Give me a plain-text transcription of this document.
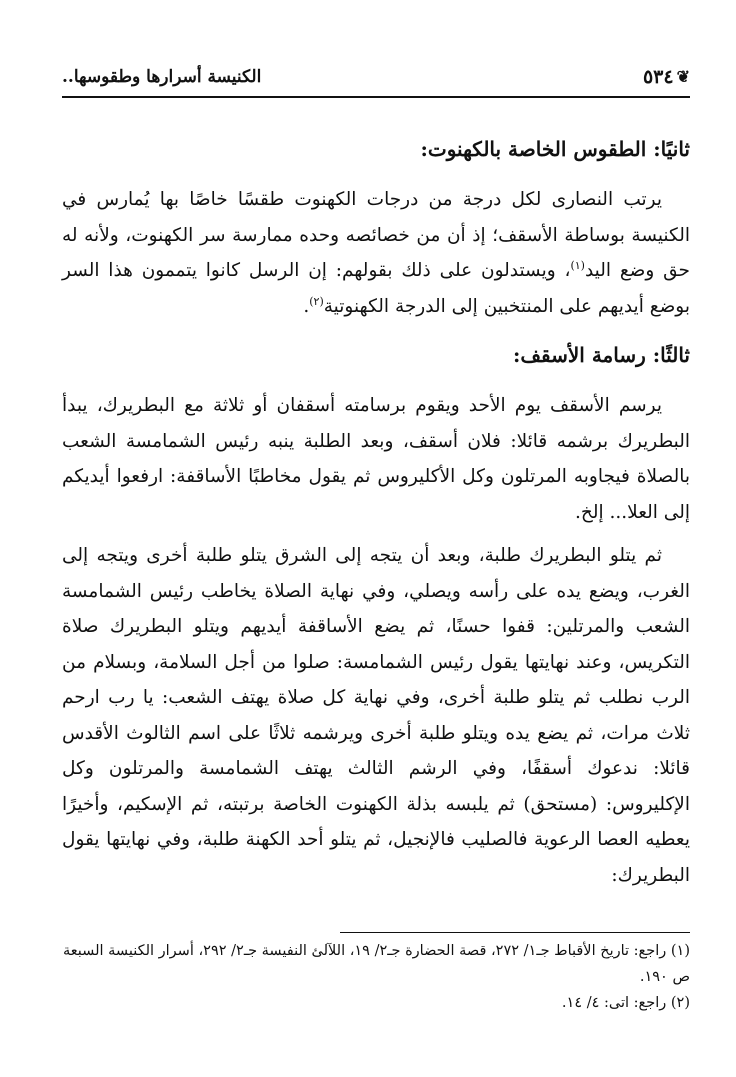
❦
٥٣٤
الكنيسة أسرارها وطقوسها..
ثانيًا: الطقوس الخاصة بالكهنوت:

يرتب النصارى لكل درجة من درجات الكهنوت طقسًا خاصًا بها يُمارس في الكنيسة بوساطة الأسقف؛ إذ أن من خصائصه وحده ممارسة سر الكهنوت، ولأنه له حق وضع اليد$^{(١)}$، ويستدلون على ذلك بقولهم: إن الرسل كانوا يتممون هذا السر بوضع أيديهم على المنتخبين إلى الدرجة الكهنوتية$^{(٢)}$.

ثالثًا: رسامة الأسقف:

يرسم الأسقف يوم الأحد ويقوم برسامته أسقفان أو ثلاثة مع البطريرك، يبدأ البطريرك برشمه قائلا: فلان أسقف، وبعد الطلبة ينبه رئيس الشمامسة الشعب بالصلاة فيجاوبه المرتلون وكل الأكليروس ثم يقول مخاطبًا الأساقفة: ارفعوا أيديكم إلى العلا... إلخ.

ثم يتلو البطريرك طلبة، وبعد أن يتجه إلى الشرق يتلو طلبة أخرى ويتجه إلى الغرب، ويضع يده على رأسه ويصلي، وفي نهاية الصلاة يخاطب رئيس الشمامسة الشعب والمرتلين: قفوا حسنًا، ثم يضع الأساقفة أيديهم ويتلو البطريرك صلاة التكريس، وعند نهايتها يقول رئيس الشمامسة: صلوا من أجل السلامة، وبسلام من الرب نطلب ثم يتلو طلبة أخرى، وفي نهاية كل صلاة يهتف الشعب: يا رب ارحم ثلاث مرات، ثم يضع يده ويتلو طلبة أخرى ويرشمه ثلاثًا على اسم الثالوث الأقدس قائلا: ندعوك أسقفًا، وفي الرشم الثالث يهتف الشمامسة والمرتلون وكل الإكليروس: (مستحق) ثم يلبسه بذلة الكهنوت الخاصة برتبته، ثم الإسكيم، وأخيرًا يعطيه العصا الرعوية فالصليب فالإنجيل، ثم يتلو أحد الكهنة طلبة، وفي نهايتها يقول البطريرك:

(١) راجع: تاريخ الأقباط جـ١/ ٢٧٢، قصة الحضارة جـ٢/ ١٩، اللآلئ النفيسة جـ٢/ ٢٩٢، أسرار الكنيسة السبعة ص ١٩٠.
(٢) راجع: اتى: ٤/ ١٤.
